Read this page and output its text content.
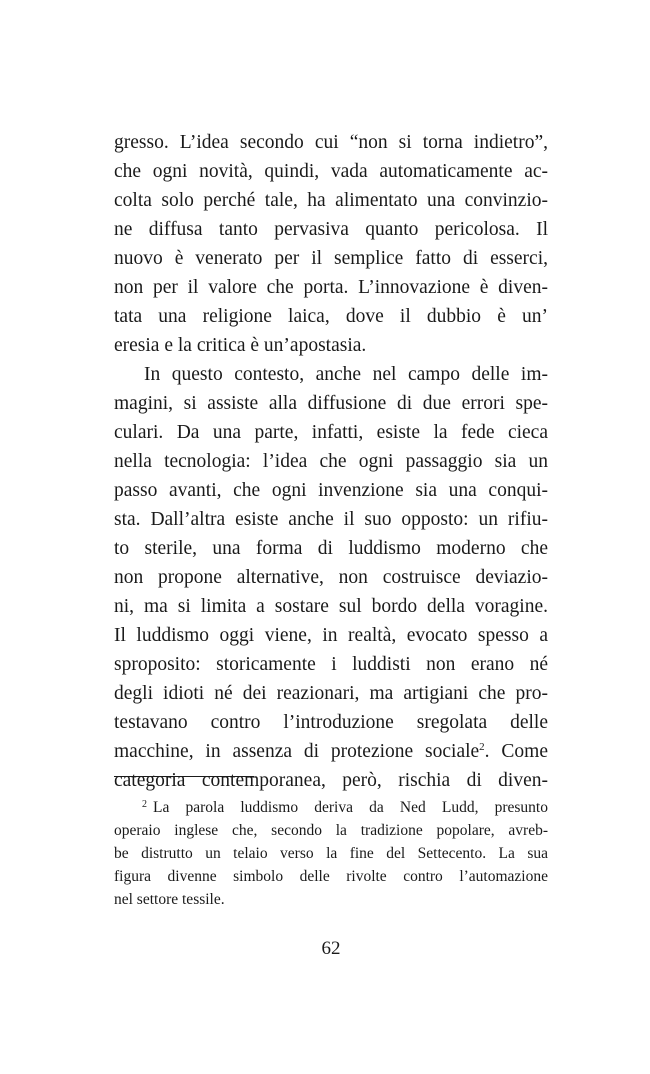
gresso. L’idea secondo cui “non si torna indietro”,
che ogni novità, quindi, vada automaticamente ac-
colta solo perché tale, ha alimentato una convinzio-
ne diffusa tanto pervasiva quanto pericolosa. Il
nuovo è venerato per il semplice fatto di esserci,
non per il valore che porta. L’innovazione è diven-
tata una religione laica, dove il dubbio è un’
eresia e la critica è un’apostasia.

In questo contesto, anche nel campo delle im-
magini, si assiste alla diffusione di due errori spe-
culari. Da una parte, infatti, esiste la fede cieca
nella tecnologia: l’idea che ogni passaggio sia un
passo avanti, che ogni invenzione sia una conqui-
sta. Dall’altra esiste anche il suo opposto: un rifiu-
to sterile, una forma di luddismo moderno che
non propone alternative, non costruisce deviazio-
ni, ma si limita a sostare sul bordo della voragine.
Il luddismo oggi viene, in realtà, evocato spesso a
sproposito: storicamente i luddisti non erano né
degli idioti né dei reazionari, ma artigiani che pro-
testavano contro l’introduzione sregolata delle
macchine, in assenza di protezione sociale$^2$. Come
categoria contemporanea, però, rischia di diven-

$^2$ La parola luddismo deriva da Ned Ludd, presunto
operaio inglese che, secondo la tradizione popolare, avreb-
be distrutto un telaio verso la fine del Settecento. La sua
figura divenne simbolo delle rivolte contro l’automazione
nel settore tessile.
62
